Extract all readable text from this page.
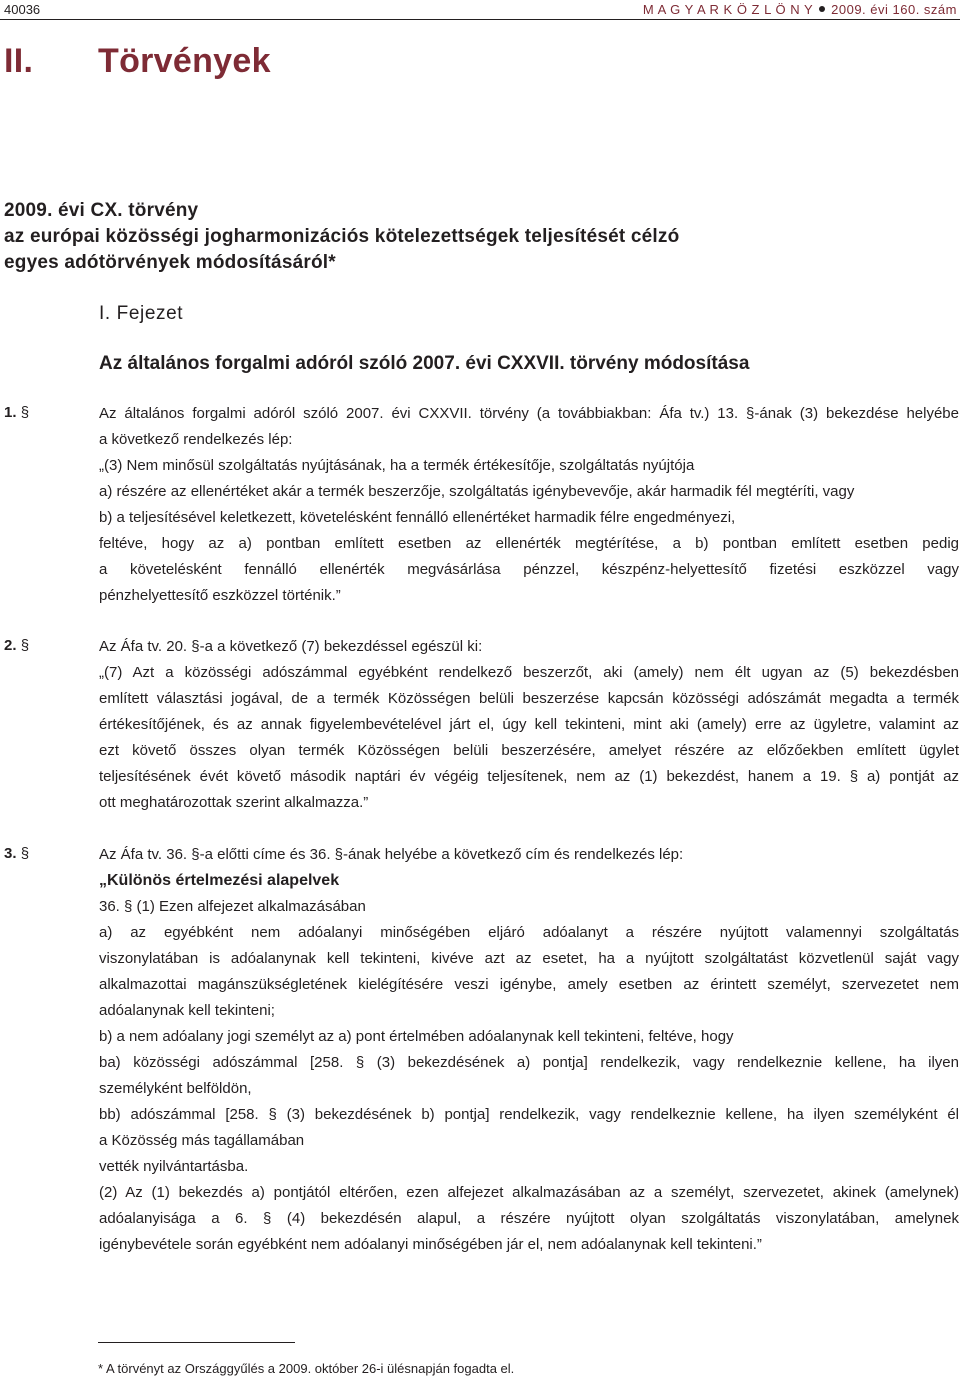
40036	M A G Y A R K Ö Z L Ö N Y 2009. évi 160. szám
II. Törvények
2009. évi CX. törvény
az európai közösségi jogharmonizációs kötelezettségek teljesítését célzó
egyes adótörvények módosításáról*
I. Fejezet
Az általános forgalmi adóról szóló 2007. évi CXXVII. törvény módosítása
1. §	Az általános forgalmi adóról szóló 2007. évi CXXVII. törvény (a továbbiakban: Áfa tv.) 13. §-ának (3) bekezdése helyébe
a következő rendelkezés lép:
„(3) Nem minősül szolgáltatás nyújtásának, ha a termék értékesítője, szolgáltatás nyújtója
a) részére az ellenértéket akár a termék beszerzője, szolgáltatás igénybevevője, akár harmadik fél megtéríti, vagy
b) a teljesítésével keletkezett, követelésként fennálló ellenértéket harmadik félre engedményezi,
feltéve, hogy az a) pontban említett esetben az ellenérték megtérítése, a b) pontban említett esetben pedig
a követelésként fennálló ellenérték megvásárlása pénzzel, készpénz-helyettesítő fizetési eszközzel vagy
pénzhelyettesítő eszközzel történik.”
2. §	Az Áfa tv. 20. §-a a következő (7) bekezdéssel egészül ki:
„(7) Azt a közösségi adószámmal egyébként rendelkező beszerzőt, aki (amely) nem élt ugyan az (5) bekezdésben
említett választási jogával, de a termék Közösségen belüli beszerzése kapcsán közösségi adószámát megadta a termék
értékesítőjének, és az annak figyelembevételével járt el, úgy kell tekinteni, mint aki (amely) erre az ügyletre, valamint az
ezt követő összes olyan termék Közösségen belüli beszerzésére, amelyet részére az előzőekben említett ügylet
teljesítésének évét követő második naptári év végéig teljesítenek, nem az (1) bekezdést, hanem a 19. § a) pontját az
ott meghatározottak szerint alkalmazza.”
3. §	Az Áfa tv. 36. §-a előtti címe és 36. §-ának helyébe a következő cím és rendelkezés lép:
„Különös értelmezési alapelvek
36. § (1) Ezen alfejezet alkalmazásában
a) az egyébként nem adóalanyi minőségében eljáró adóalanyt a részére nyújtott valamennyi szolgáltatás
viszonylatában is adóalanynak kell tekinteni, kivéve azt az esetet, ha a nyújtott szolgáltatást közvetlenül saját vagy
alkalmazottai magánszükségletének kielégítésére veszi igénybe, amely esetben az érintett személyt, szervezetet nem
adóalanynak kell tekinteni;
b) a nem adóalany jogi személyt az a) pont értelmében adóalanynak kell tekinteni, feltéve, hogy
ba) közösségi adószámmal [258. § (3) bekezdésének a) pontja] rendelkezik, vagy rendelkeznie kellene, ha ilyen
személyként belföldön,
bb) adószámmal [258. § (3) bekezdésének b) pontja] rendelkezik, vagy rendelkeznie kellene, ha ilyen személyként él
a Közösség más tagállamában
vették nyilvántartásba.
(2) Az (1) bekezdés a) pontjától eltérően, ezen alfejezet alkalmazásában az a személyt, szervezetet, akinek (amelynek)
adóalanyisága a 6. § (4) bekezdésén alapul, a részére nyújtott olyan szolgáltatás viszonylatában, amelynek
igénybevétele során egyébként nem adóalanyi minőségében jár el, nem adóalanynak kell tekinteni.”
* A törvényt az Országgyűlés a 2009. október 26-i ülésnapján fogadta el.
